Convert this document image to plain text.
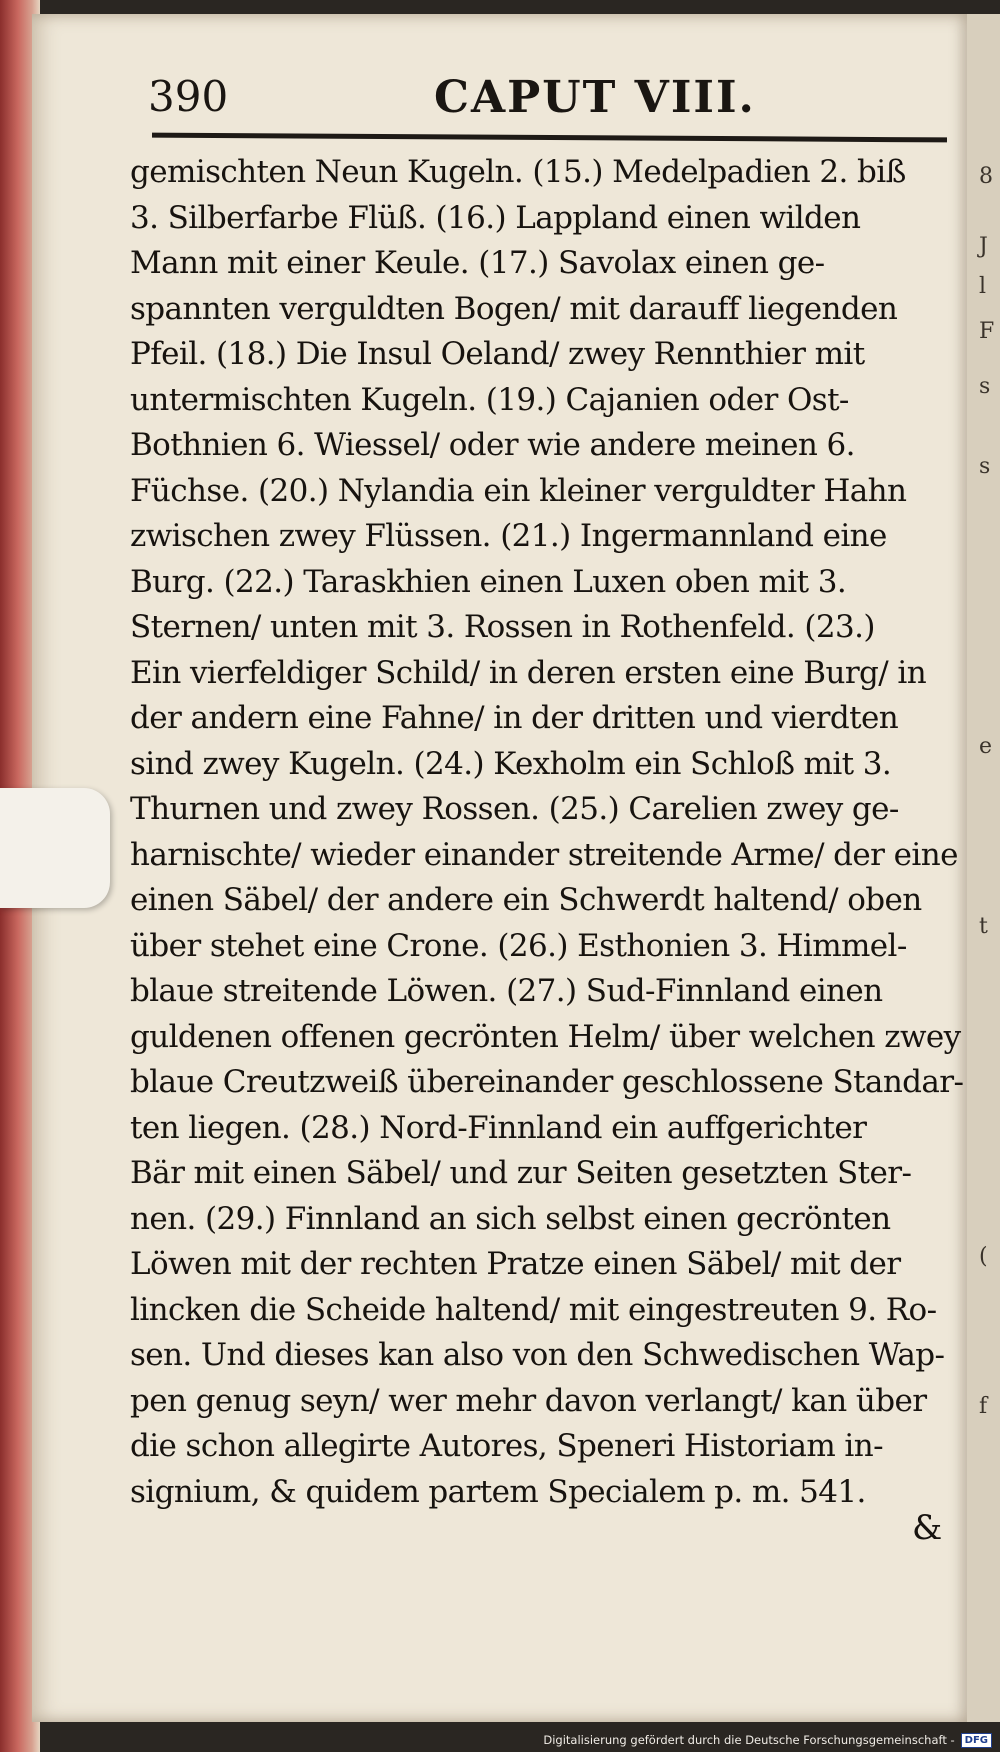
8
J
l
F
s
s
e
t
(
f
390	CAPUT VIII.
gemischten Neun Kugeln. (15.) Medelpadien 2. biß
3. Silberfarbe Flüß. (16.) Lappland einen wilden
Mann mit einer Keule. (17.) Savolax einen ge-
spannten verguldten Bogen/ mit darauff liegenden
Pfeil. (18.) Die Insul Oeland/ zwey Rennthier mit
untermischten Kugeln. (19.) Cajanien oder Ost-
Bothnien 6. Wiessel/ oder wie andere meinen 6.
Füchse. (20.) Nylandia ein kleiner verguldter Hahn
zwischen zwey Flüssen. (21.) Ingermannland eine
Burg. (22.) Taraskhien einen Luxen oben mit 3.
Sternen/ unten mit 3. Rossen in Rothenfeld. (23.)
Ein vierfeldiger Schild/ in deren ersten eine Burg/ in
der andern eine Fahne/ in der dritten und vierdten
sind zwey Kugeln. (24.) Kexholm ein Schloß mit 3.
Thurnen und zwey Rossen. (25.) Carelien zwey ge-
harnischte/ wieder einander streitende Arme/ der eine
einen Säbel/ der andere ein Schwerdt haltend/ oben
über stehet eine Crone. (26.) Esthonien 3. Himmel-
blaue streitende Löwen. (27.) Sud-Finnland einen
guldenen offenen gecrönten Helm/ über welchen zwey
blaue Creutzweiß übereinander geschlossene Standar-
ten liegen. (28.) Nord-Finnland ein auffgerichter
Bär mit einen Säbel/ und zur Seiten gesetzten Ster-
nen. (29.) Finnland an sich selbst einen gecrönten
Löwen mit der rechten Pratze einen Säbel/ mit der
lincken die Scheide haltend/ mit eingestreuten 9. Ro-
sen. Und dieses kan also von den Schwedischen Wap-
pen genug seyn/ wer mehr davon verlangt/ kan über
die schon allegirte Autores, Speneri Historiam in-
signium, & quidem partem Specialem p. m. 541.
&
Digitalisierung gefördert durch die Deutsche Forschungsgemeinschaft -	DFG
